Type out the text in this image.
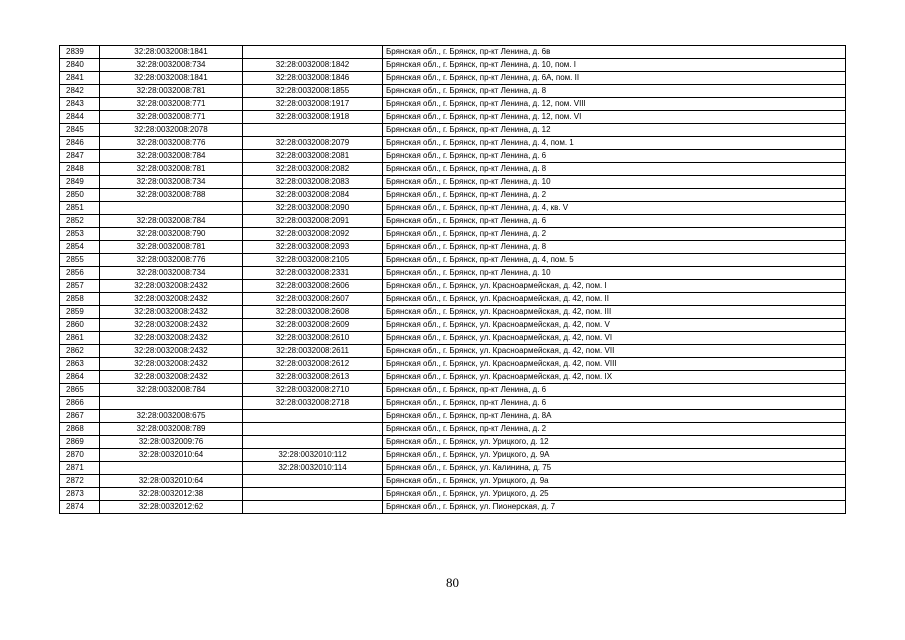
2839	32:28:0032008:1841		Брянская обл., г. Брянск, пр-кт Ленина, д. 6в
2840	32:28:0032008:734	32:28:0032008:1842	Брянская обл., г. Брянск, пр-кт Ленина, д. 10, пом. I
2841	32:28:0032008:1841	32:28:0032008:1846	Брянская обл., г. Брянск, пр-кт Ленина, д. 6А, пом. II
2842	32:28:0032008:781	32:28:0032008:1855	Брянская обл., г. Брянск, пр-кт Ленина, д. 8
2843	32:28:0032008:771	32:28:0032008:1917	Брянская обл., г. Брянск, пр-кт Ленина, д. 12, пом. VIII
2844	32:28:0032008:771	32:28:0032008:1918	Брянская обл., г. Брянск, пр-кт Ленина, д. 12, пом. VI
2845	32:28:0032008:2078		Брянская обл., г. Брянск, пр-кт Ленина, д. 12
2846	32:28:0032008:776	32:28:0032008:2079	Брянская обл., г. Брянск, пр-кт Ленина, д. 4, пом. 1
2847	32:28:0032008:784	32:28:0032008:2081	Брянская обл., г. Брянск, пр-кт Ленина, д. 6
2848	32:28:0032008:781	32:28:0032008:2082	Брянская обл., г. Брянск, пр-кт Ленина, д. 8
2849	32:28:0032008:734	32:28:0032008:2083	Брянская обл., г. Брянск, пр-кт Ленина, д. 10
2850	32:28:0032008:788	32:28:0032008:2084	Брянская обл., г. Брянск, пр-кт Ленина, д. 2
2851		32:28:0032008:2090	Брянская обл., г. Брянск, пр-кт Ленина, д. 4, кв. V
2852	32:28:0032008:784	32:28:0032008:2091	Брянская обл., г. Брянск, пр-кт Ленина, д. 6
2853	32:28:0032008:790	32:28:0032008:2092	Брянская обл., г. Брянск, пр-кт Ленина, д. 2
2854	32:28:0032008:781	32:28:0032008:2093	Брянская обл., г. Брянск, пр-кт Ленина, д. 8
2855	32:28:0032008:776	32:28:0032008:2105	Брянская обл., г. Брянск, пр-кт Ленина, д. 4, пом. 5
2856	32:28:0032008:734	32:28:0032008:2331	Брянская обл., г. Брянск, пр-кт Ленина, д. 10
2857	32:28:0032008:2432	32:28:0032008:2606	Брянская обл., г. Брянск, ул. Красноармейская, д. 42, пом. I
2858	32:28:0032008:2432	32:28:0032008:2607	Брянская обл., г. Брянск, ул. Красноармейская, д. 42, пом. II
2859	32:28:0032008:2432	32:28:0032008:2608	Брянская обл., г. Брянск, ул. Красноармейская, д. 42, пом. III
2860	32:28:0032008:2432	32:28:0032008:2609	Брянская обл., г. Брянск, ул. Красноармейская, д. 42, пом. V
2861	32:28:0032008:2432	32:28:0032008:2610	Брянская обл., г. Брянск, ул. Красноармейская, д. 42, пом. VI
2862	32:28:0032008:2432	32:28:0032008:2611	Брянская обл., г. Брянск, ул. Красноармейская, д. 42, пом. VII
2863	32:28:0032008:2432	32:28:0032008:2612	Брянская обл., г. Брянск, ул. Красноармейская, д. 42, пом. VIII
2864	32:28:0032008:2432	32:28:0032008:2613	Брянская обл., г. Брянск, ул. Красноармейская, д. 42, пом. IX
2865	32:28:0032008:784	32:28:0032008:2710	Брянская обл., г. Брянск, пр-кт Ленина, д. 6
2866		32:28:0032008:2718	Брянская обл., г. Брянск, пр-кт Ленина, д. 6
2867	32:28:0032008:675		Брянская обл., г. Брянск, пр-кт Ленина, д. 8А
2868	32:28:0032008:789		Брянская обл., г. Брянск, пр-кт Ленина, д. 2
2869	32:28:0032009:76		Брянская обл., г. Брянск, ул. Урицкого, д. 12
2870	32:28:0032010:64	32:28:0032010:112	Брянская обл., г. Брянск, ул. Урицкого, д. 9А
2871		32:28:0032010:114	Брянская обл., г. Брянск, ул. Калинина, д. 75
2872	32:28:0032010:64		Брянская обл., г. Брянск, ул. Урицкого, д. 9а
2873	32:28:0032012:38		Брянская обл., г. Брянск, ул. Урицкого, д. 25
2874	32:28:0032012:62		Брянская обл., г. Брянск, ул. Пионерская, д. 7
80
